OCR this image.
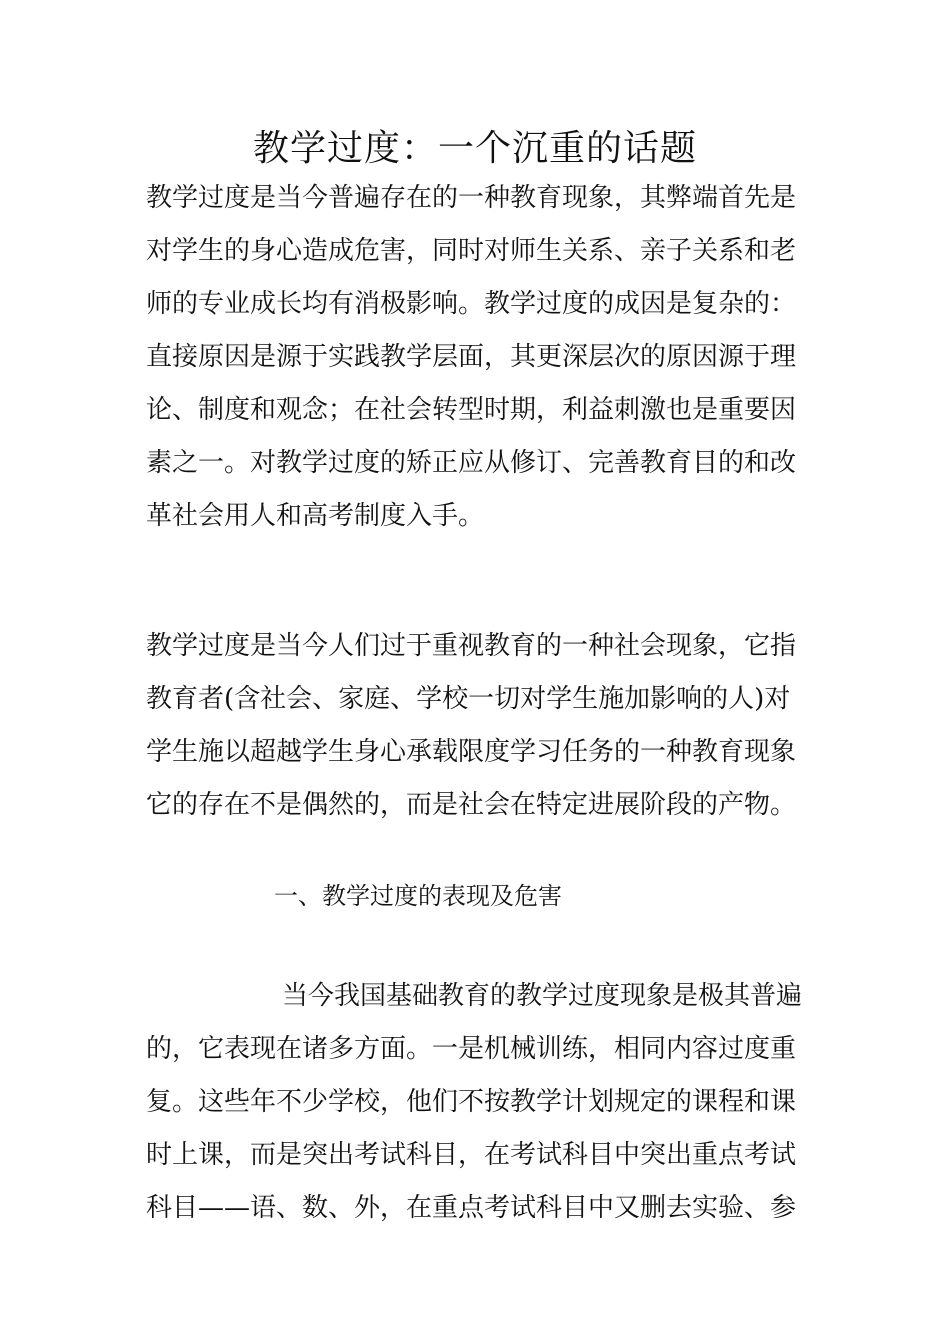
教学过度：一个沉重的话题
教学过度是当今普遍存在的一种教育现象，其弊端首先是
对学生的身心造成危害，同时对师生关系、亲子关系和老
师的专业成长均有消极影响。教学过度的成因是复杂的：
直接原因是源于实践教学层面，其更深层次的原因源于理
论、制度和观念；在社会转型时期，利益刺激也是重要因
素之一。对教学过度的矫正应从修订、完善教育目的和改
革社会用人和高考制度入手。
教学过度是当今人们过于重视教育的一种社会现象，它指
教育者(含社会、家庭、学校一切对学生施加影响的人)对
学生施以超越学生身心承载限度学习任务的一种教育现象
它的存在不是偶然的，而是社会在特定进展阶段的产物。
一、教学过度的表现及危害
当今我国基础教育的教学过度现象是极其普遍
的，它表现在诸多方面。一是机械训练，相同内容过度重
复。这些年不少学校，他们不按教学计划规定的课程和课
时上课，而是突出考试科目，在考试科目中突出重点考试
科目——语、数、外，在重点考试科目中又删去实验、参
